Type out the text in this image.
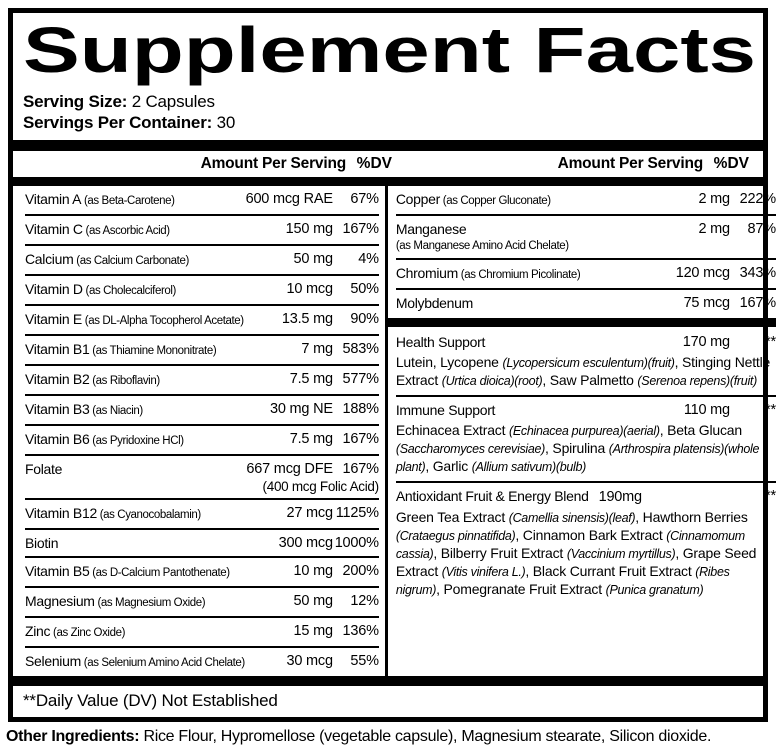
Supplement Facts
Serving Size: 2 Capsules
Servings Per Container: 30
Amount Per Serving %DV	Amount Per Serving %DV
Vitamin A (as Beta-Carotene)	600 mcg RAE	67%
Vitamin C (as Ascorbic Acid)	150 mg 167%
Calcium (as Calcium Carbonate)	50 mg	4%
Vitamin D (as Cholecalciferol)	10 mcg	50%
Vitamin E (as DL-Alpha Tocopherol Acetate)	13.5 mg	90%
Vitamin B1 (as Thiamine Mononitrate)	7 mg 583%
Vitamin B2 (as Riboflavin)	7.5 mg 577%
Vitamin B3 (as Niacin)	30 mg NE 188%
Vitamin B6 (as Pyridoxine HCl)	7.5 mg 167%
Folate	667 mcg DFE 167%
(400 mcg Folic Acid)
Vitamin B12 (as Cyanocobalamin)	27 mcg 1125%
Biotin	300 mcg 1000%
Vitamin B5 (as D-Calcium Pantothenate)	10 mg 200%
Magnesium (as Magnesium Oxide)	50 mg	12%
Zinc (as Zinc Oxide)	15 mg 136%
Selenium (as Selenium Amino Acid Chelate)	30 mcg	55%
Copper (as Copper Gluconate)	2 mg 222%
Manganese
(as Manganese Amino Acid Chelate)
2 mg	87%
Chromium (as Chromium Picolinate)	120 mcg 343%
Molybdenum	75 mcg 167%
Health Support	170 mg	**
Lutein, Lycopene (Lycopersicum esculentum)(fruit), Stinging Nettle Extract (Urtica dioica)(root), Saw Palmetto (Serenoa repens)(fruit)
Immune Support	110 mg	**
Echinacea Extract (Echinacea purpurea)(aerial), Beta Glucan (Saccharomyces cerevisiae), Spirulina (Arthrospira platensis)(whole plant), Garlic (Allium sativum)(bulb)
Antioxidant Fruit & Energy Blend 190mg	**
Green Tea Extract (Camellia sinensis)(leaf), Hawthorn Berries (Crataegus pinnatifida), Cinnamon Bark Extract (Cinnamomum cassia), Bilberry Fruit Extract (Vaccinium myrtillus), Grape Seed Extract (Vitis vinifera L.), Black Currant Fruit Extract (Ribes nigrum), Pomegranate Fruit Extract (Punica granatum)
**Daily Value (DV) Not Established
Other Ingredients: Rice Flour, Hypromellose (vegetable capsule), Magnesium stearate, Silicon dioxide.
